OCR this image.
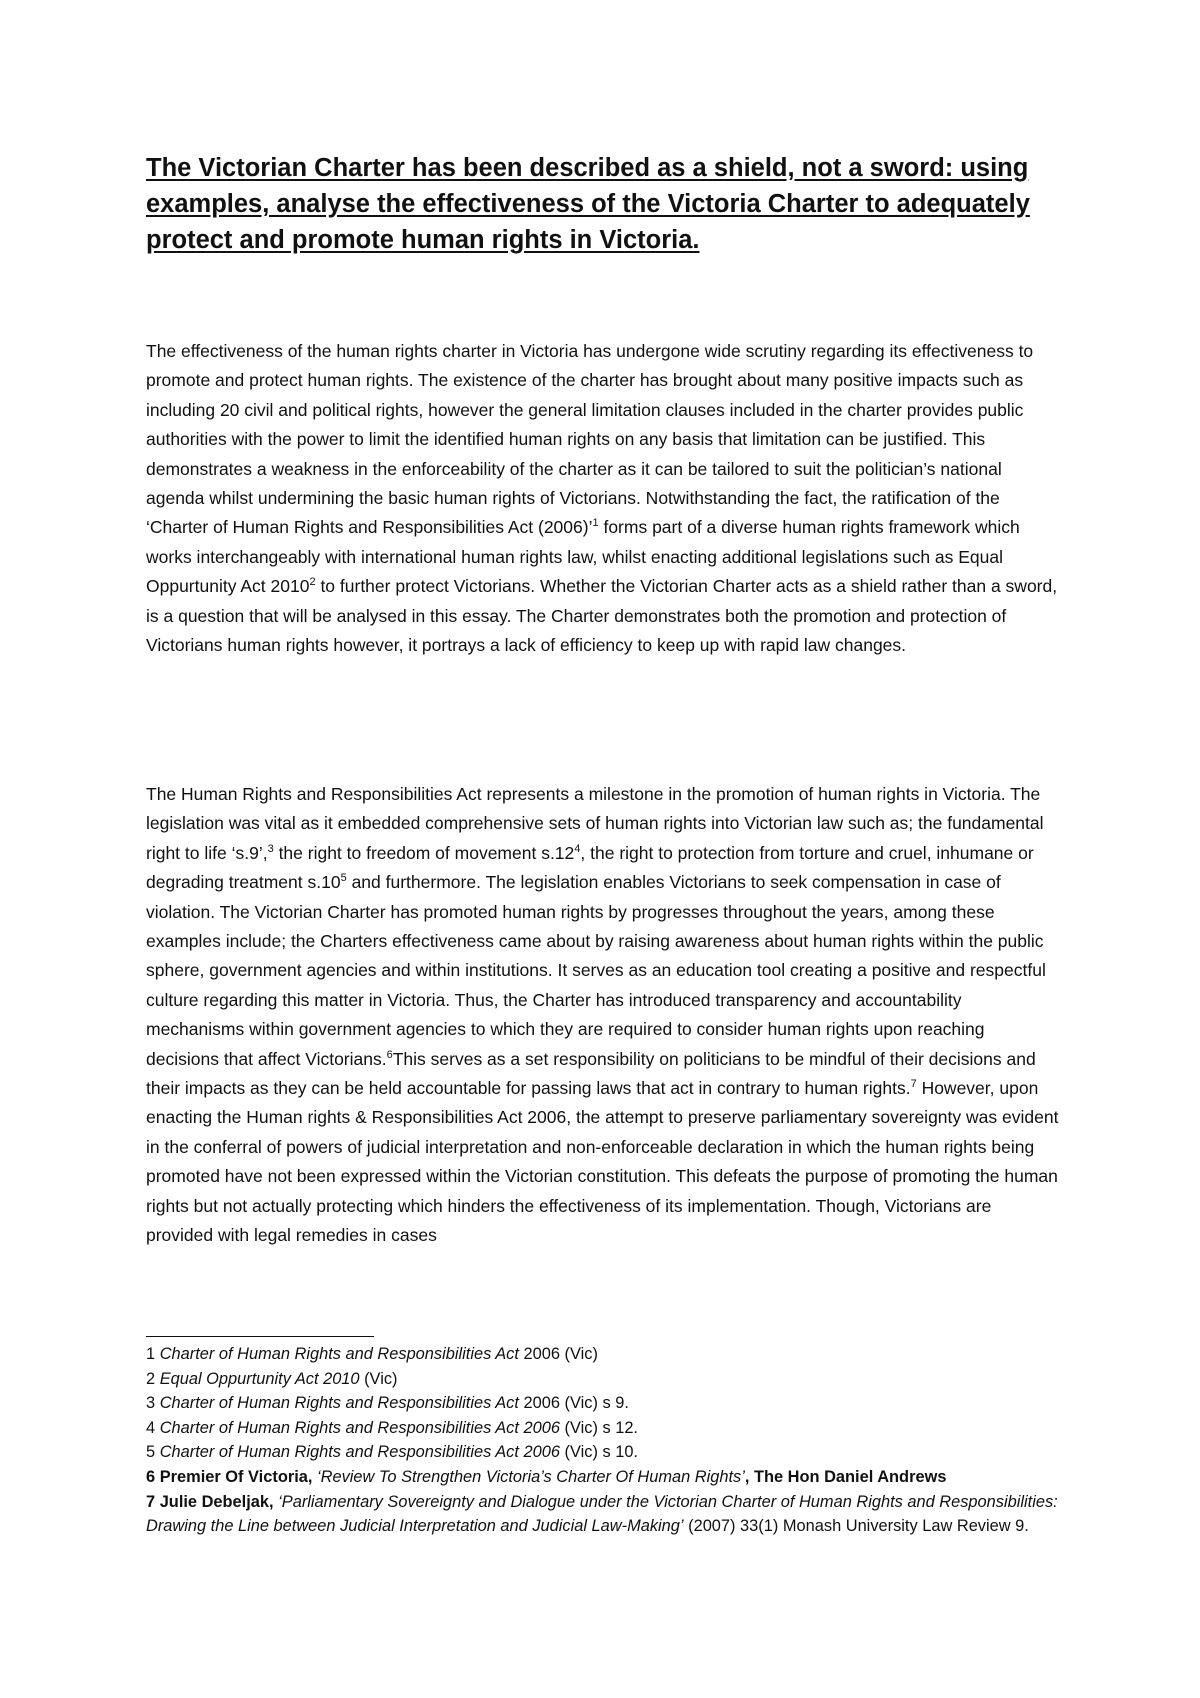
The Victorian Charter has been described as a shield, not a sword: using examples, analyse the effectiveness of the Victoria Charter to adequately protect and promote human rights in Victoria.

The effectiveness of the human rights charter in Victoria has undergone wide scrutiny regarding its effectiveness to promote and protect human rights. The existence of the charter has brought about many positive impacts such as including 20 civil and political rights, however the general limitation clauses included in the charter provides public authorities with the power to limit the identified human rights on any basis that limitation can be justified. This demonstrates a weakness in the enforceability of the charter as it can be tailored to suit the politician’s national agenda whilst undermining the basic human rights of Victorians. Notwithstanding the fact, the ratification of the ‘Charter of Human Rights and Responsibilities Act (2006)’$^1$ forms part of a diverse human rights framework which works interchangeably with international human rights law, whilst enacting additional legislations such as Equal Oppurtunity Act 2010$^2$ to further protect Victorians. Whether the Victorian Charter acts as a shield rather than a sword, is a question that will be analysed in this essay. The Charter demonstrates both the promotion and protection of Victorians human rights however, it portrays a lack of efficiency to keep up with rapid law changes.

The Human Rights and Responsibilities Act represents a milestone in the promotion of human rights in Victoria. The legislation was vital as it embedded comprehensive sets of human rights into Victorian law such as; the fundamental right to life ‘s.9’,$^3$ the right to freedom of movement $s.12^4$, the right to protection from torture and cruel, inhumane or degrading treatment $s.10^5$ and furthermore. The legislation enables Victorians to seek compensation in case of violation. The Victorian Charter has promoted human rights by progresses throughout the years, among these examples include; the Charters effectiveness came about by raising awareness about human rights within the public sphere, government agencies and within institutions. It serves as an education tool creating a positive and respectful culture regarding this matter in Victoria. Thus, the Charter has introduced transparency and accountability mechanisms within government agencies to which they are required to consider human rights upon reaching decisions that affect Victorians.$^6$This serves as a set responsibility on politicians to be mindful of their decisions and their impacts as they can be held accountable for passing laws that act in contrary to human rights.$^7$ However, upon enacting the Human rights & Responsibilities Act 2006, the attempt to preserve parliamentary sovereignty was evident in the conferral of powers of judicial interpretation and non-enforceable declaration in which the human rights being promoted have not been expressed within the Victorian constitution. This defeats the purpose of promoting the human rights but not actually protecting which hinders the effectiveness of its implementation. Though, Victorians are provided with legal remedies in cases

1 Charter of Human Rights and Responsibilities Act 2006 (Vic)

2 Equal Oppurtunity Act 2010 (Vic)

3 Charter of Human Rights and Responsibilities Act 2006 (Vic) s 9.

4 Charter of Human Rights and Responsibilities Act 2006 (Vic) s 12.

5 Charter of Human Rights and Responsibilities Act 2006 (Vic) s 10.

6 Premier Of Victoria, ‘Review To Strengthen Victoria’s Charter Of Human Rights’, The Hon Daniel Andrews

7 Julie Debeljak, ‘Parliamentary Sovereignty and Dialogue under the Victorian Charter of Human Rights and Responsibilities: Drawing the Line between Judicial Interpretation and Judicial Law-Making’ (2007) 33(1) Monash University Law Review 9.
